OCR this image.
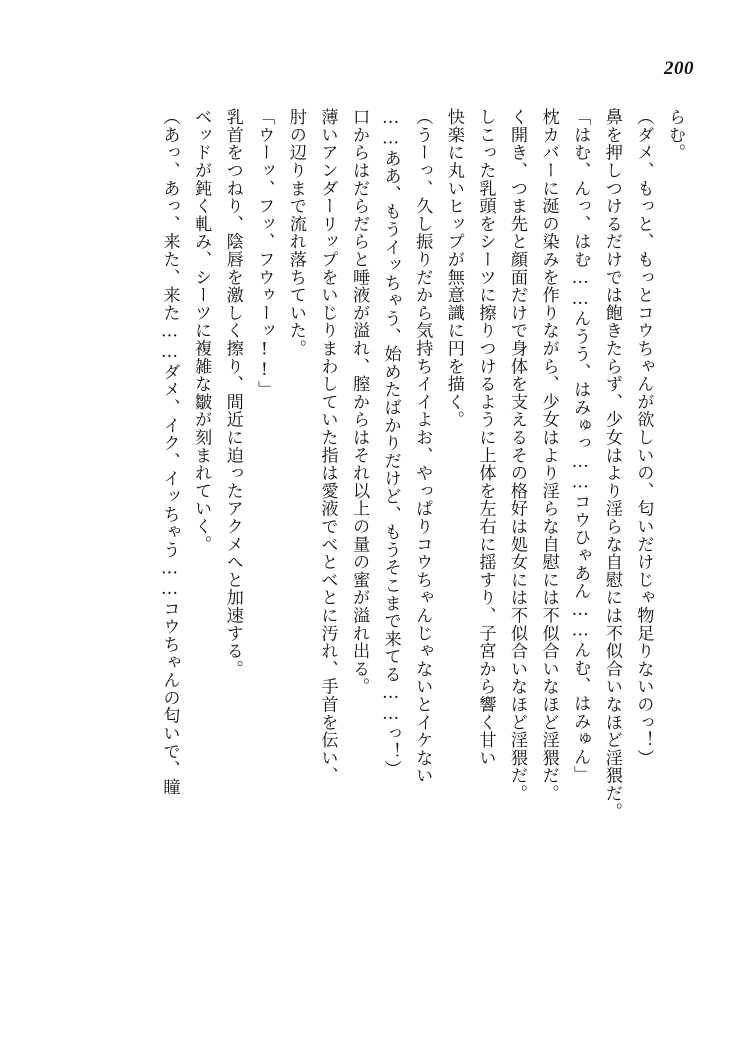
200

らむ。

（ダメ、もっと、もっとコウちゃんが欲しいの、匂いだけじゃ物足りないのっ！）

鼻を押しつけるだけでは飽きたらず、少女はより淫らな自慰には不似合いなほど淫猥だ。

「はむ、んっ、はむ……んうう、はみゅっ……コウひゃあん……んむ、はみゅん」

枕カバーに涎の染みを作りながら、少女はより淫らな自慰には不似合いなほど淫猥だ。

く開き、つま先と顔面だけで身体を支えるその格好は処女には不似合いなほど淫猥だ。

しこった乳頭をシーツに擦りつけるように上体を左右に揺すり、子宮から響く甘い

快楽に丸いヒップが無意識に円を描く。

（うーっ、久し振りだから気持ちイイよお、やっぱりコウちゃんじゃないとイケない

……ああ、もうイッちゃう、始めたばかりだけど、もうそこまで来てる……っ！）

口からはだらだらと唾液が溢れ、膣からはそれ以上の量の蜜が溢れ出る。

薄いアンダーリップをいじりまわしていた指は愛液でべとべとに汚れ、手首を伝い、

肘の辺りまで流れ落ちていた。

「ウーッ、フッ、フウゥーッ!!」

乳首をつねり、陰唇を激しく擦り、間近に迫ったアクメへと加速する。

ベッドが鈍く軋み、シーツに複雑な皺が刻まれていく。

（あっ、あっ、来た、来た……ダメ、イク、イッちゃう……コウちゃんの匂いで、瞳
